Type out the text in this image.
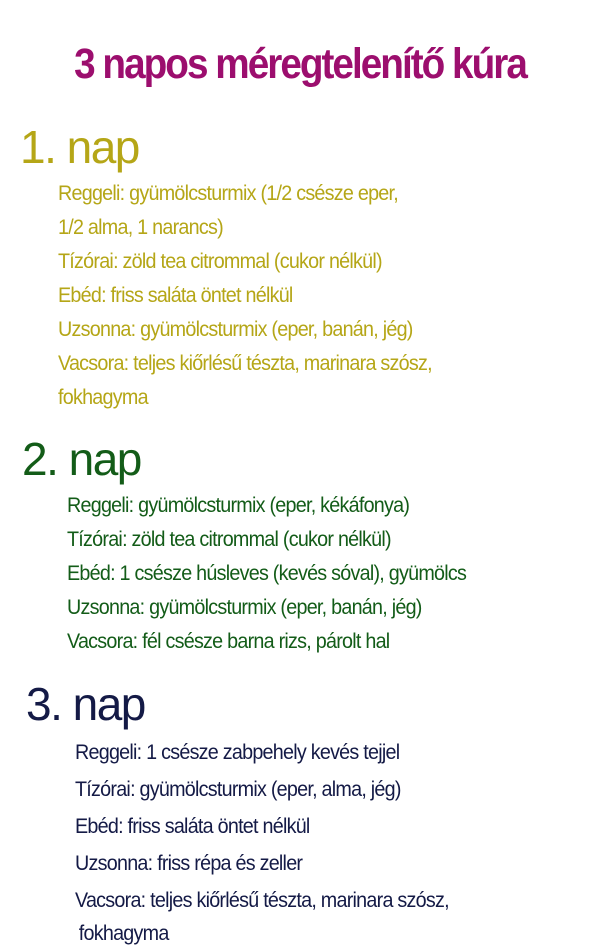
3 napos méregtelenítő kúra
1. nap
Reggeli: gyümölcsturmix (1/2 csésze eper,
1/2 alma, 1 narancs)
Tízórai: zöld tea citrommal (cukor nélkül)
Ebéd: friss saláta öntet nélkül
Uzsonna: gyümölcsturmix (eper, banán, jég)
Vacsora: teljes kiőrlésű tészta, marinara szósz,
fokhagyma
2. nap
Reggeli: gyümölcsturmix (eper, kékáfonya)
Tízórai: zöld tea citrommal (cukor nélkül)
Ebéd: 1 csésze húsleves (kevés sóval), gyümölcs
Uzsonna: gyümölcsturmix (eper, banán, jég)
Vacsora: fél csésze barna rizs, párolt hal
3. nap
Reggeli: 1 csésze zabpehely kevés tejjel
Tízórai: gyümölcsturmix (eper, alma, jég)
Ebéd: friss saláta öntet nélkül
Uzsonna: friss répa és zeller
Vacsora: teljes kiőrlésű tészta, marinara szósz,
fokhagyma
